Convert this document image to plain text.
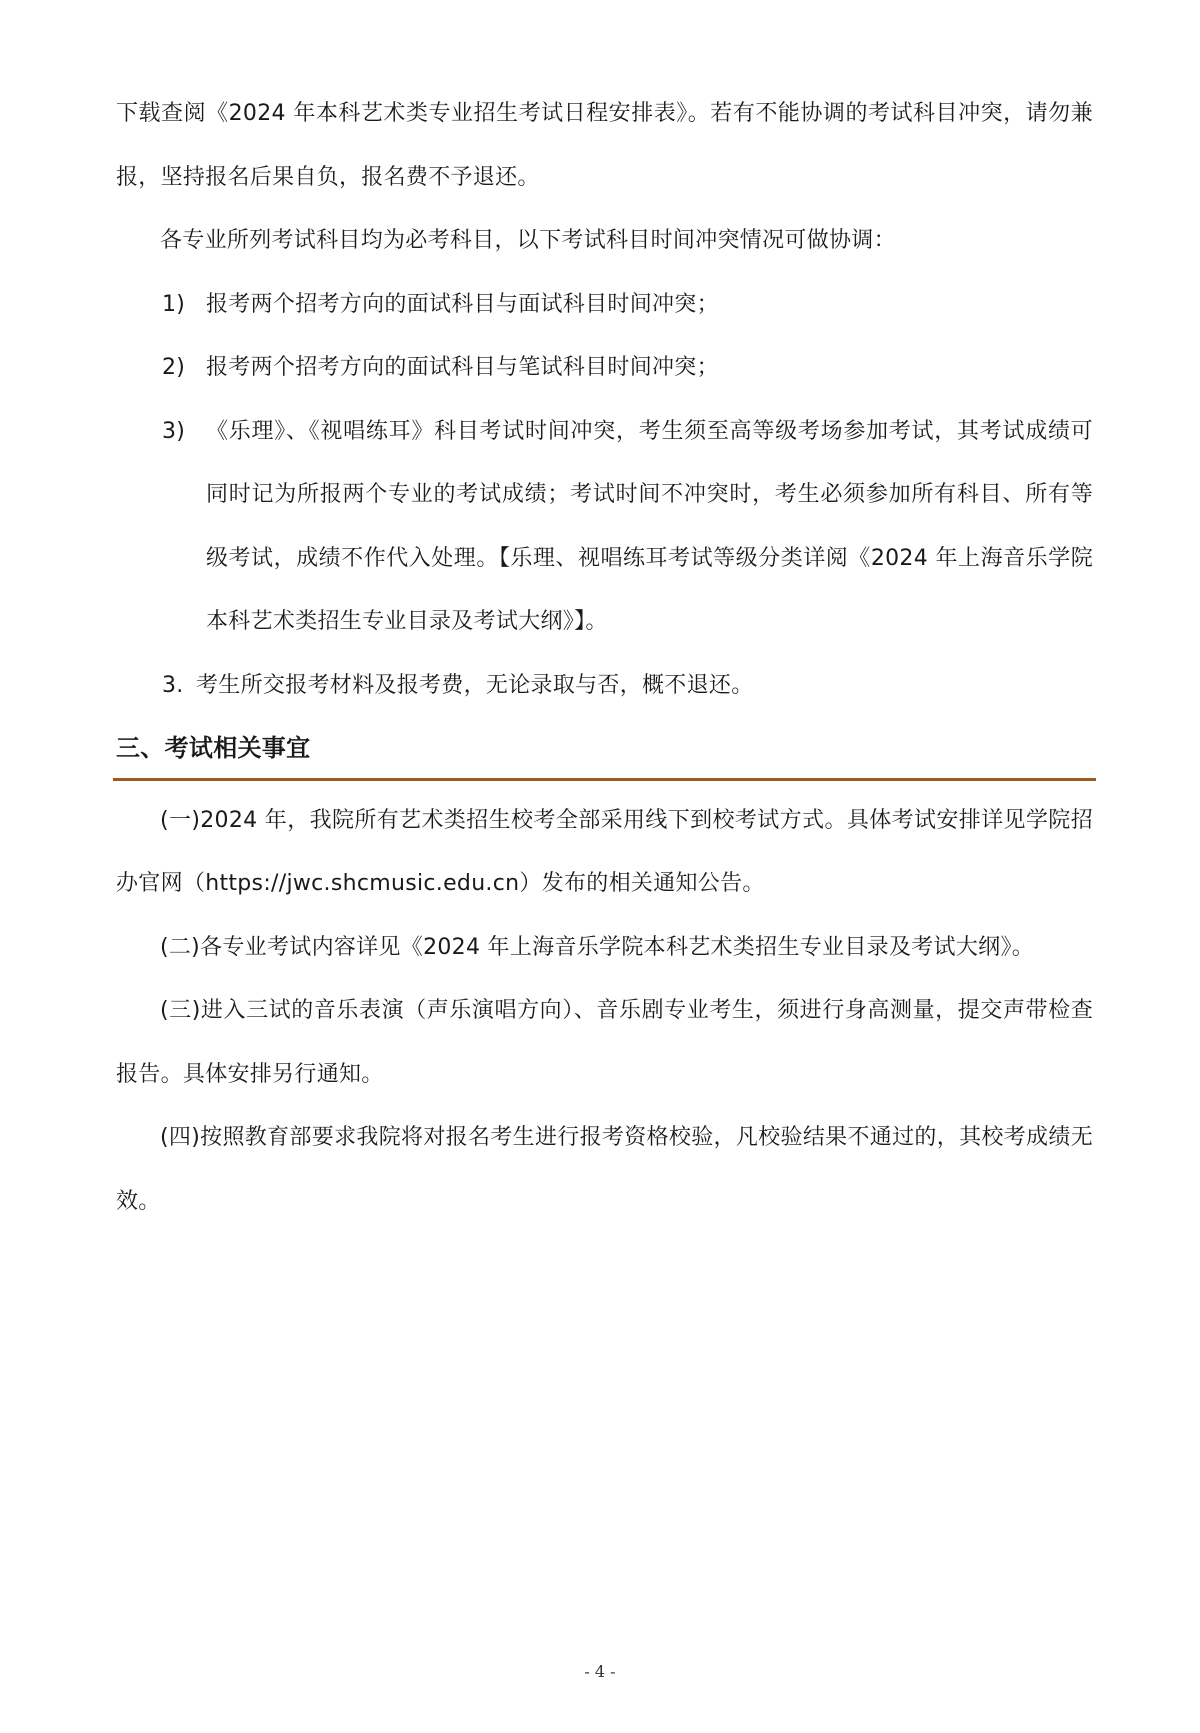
下载查阅《2024 年本科艺术类专业招生考试日程安排表》。若有不能协调的考试科目冲突，请勿兼报，坚持报名后果自负，报名费不予退还。

各专业所列考试科目均为必考科目，以下考试科目时间冲突情况可做协调：

1) 报考两个招考方向的面试科目与面试科目时间冲突；

2) 报考两个招考方向的面试科目与笔试科目时间冲突；

3) 《乐理》、《视唱练耳》科目考试时间冲突，考生须至高等级考场参加考试，其考试成绩可同时记为所报两个专业的考试成绩；考试时间不冲突时，考生必须参加所有科目、所有等级考试，成绩不作代入处理。【乐理、视唱练耳考试等级分类详阅《2024 年上海音乐学院本科艺术类招生专业目录及考试大纲》】。

3. 考生所交报考材料及报考费，无论录取与否，概不退还。

三、考试相关事宜

(一)2024 年，我院所有艺术类招生校考全部采用线下到校考试方式。具体考试安排详见学院招办官网（https://jwc.shcmusic.edu.cn）发布的相关通知公告。

(二)各专业考试内容详见《2024 年上海音乐学院本科艺术类招生专业目录及考试大纲》。

(三)进入三试的音乐表演（声乐演唱方向）、音乐剧专业考生，须进行身高测量，提交声带检查报告。具体安排另行通知。

(四)按照教育部要求我院将对报名考生进行报考资格校验，凡校验结果不通过的，其校考成绩无效。

- 4 -
